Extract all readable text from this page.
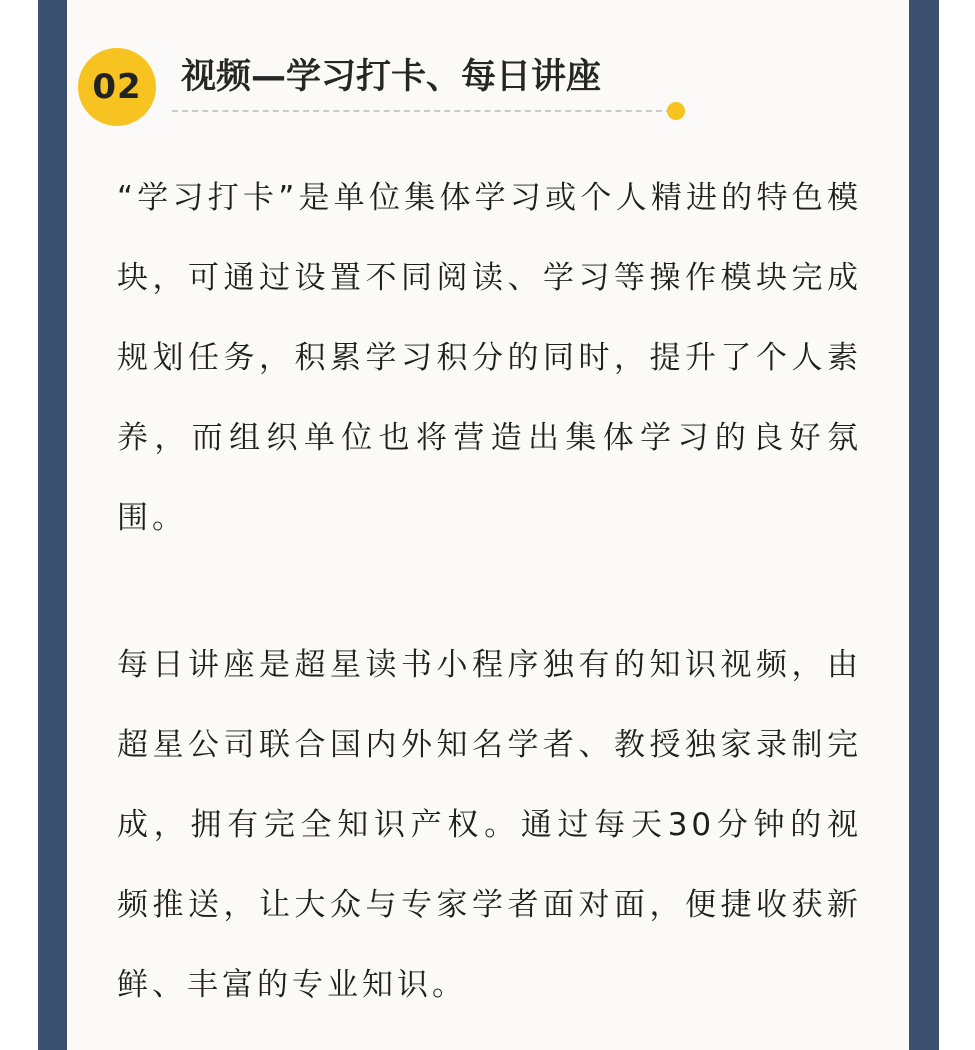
02 视频—学习打卡、每日讲座

“学习打卡”是单位集体学习或个人精进的特色模块，可通过设置不同阅读、学习等操作模块完成规划任务，积累学习积分的同时，提升了个人素养，而组织单位也将营造出集体学习的良好氛围。

每日讲座是超星读书小程序独有的知识视频，由超星公司联合国内外知名学者、教授独家录制完成，拥有完全知识产权。通过每天30分钟的视频推送，让大众与专家学者面对面，便捷收获新鲜、丰富的专业知识。
